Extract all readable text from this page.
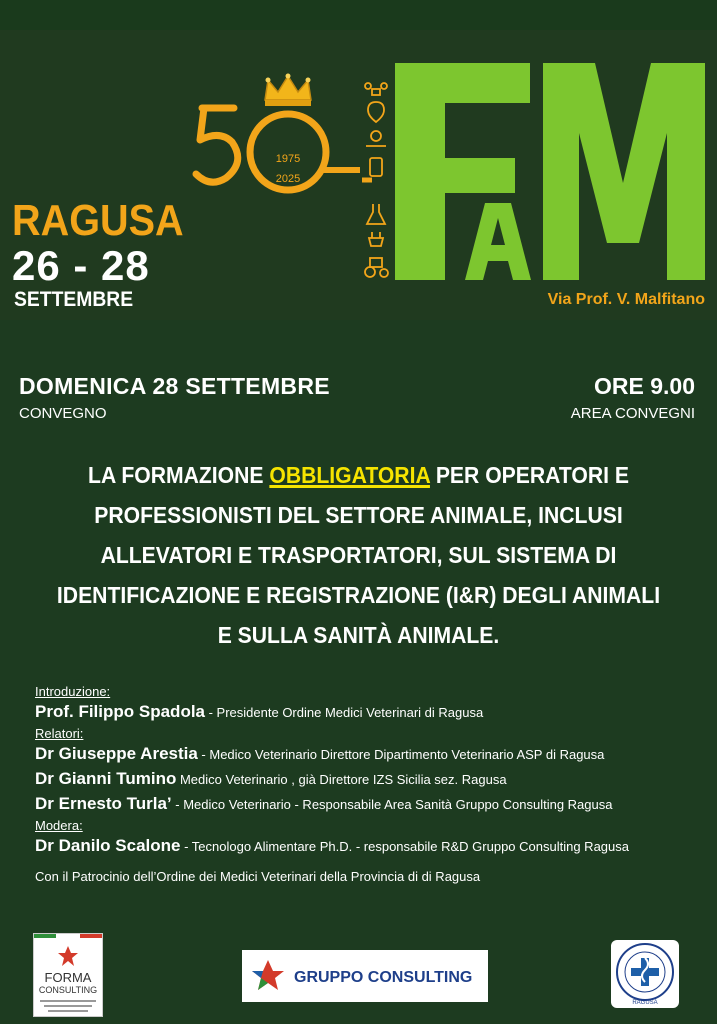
1975
2025
RAGUSA
26 - 28
SETTEMBRE	Via Prof. V. Malfitano
DOMENICA 28 SETTEMBRE
CONVEGNO
ORE 9.00
AREA CONVEGNI
LA FORMAZIONE OBBLIGATORIA PER OPERATORI E
PROFESSIONISTI DEL SETTORE ANIMALE, INCLUSI
ALLEVATORI E TRASPORTATORI, SUL SISTEMA DI
IDENTIFICAZIONE E REGISTRAZIONE (I&R) DEGLI ANIMALI
E SULLA SANITÀ ANIMALE.
Introduzione:
Prof. Filippo Spadola - Presidente Ordine Medici Veterinari di Ragusa
Relatori:
Dr Giuseppe Arestia - Medico Veterinario Direttore Dipartimento Veterinario ASP di Ragusa
Dr Gianni Tumino Medico Veterinario , già Direttore IZS Sicilia sez. Ragusa
Dr Ernesto Turla’ - Medico Veterinario - Responsabile Area Sanità Gruppo Consulting Ragusa
Modera:
Dr Danilo Scalone - Tecnologo Alimentare Ph.D. - responsabile R&D Gruppo Consulting Ragusa
Con il Patrocinio dell’Ordine dei Medici Veterinari della Provincia di di Ragusa
FORMA
CONSULTING
GRUPPO CONSULTING
RAGUSA
